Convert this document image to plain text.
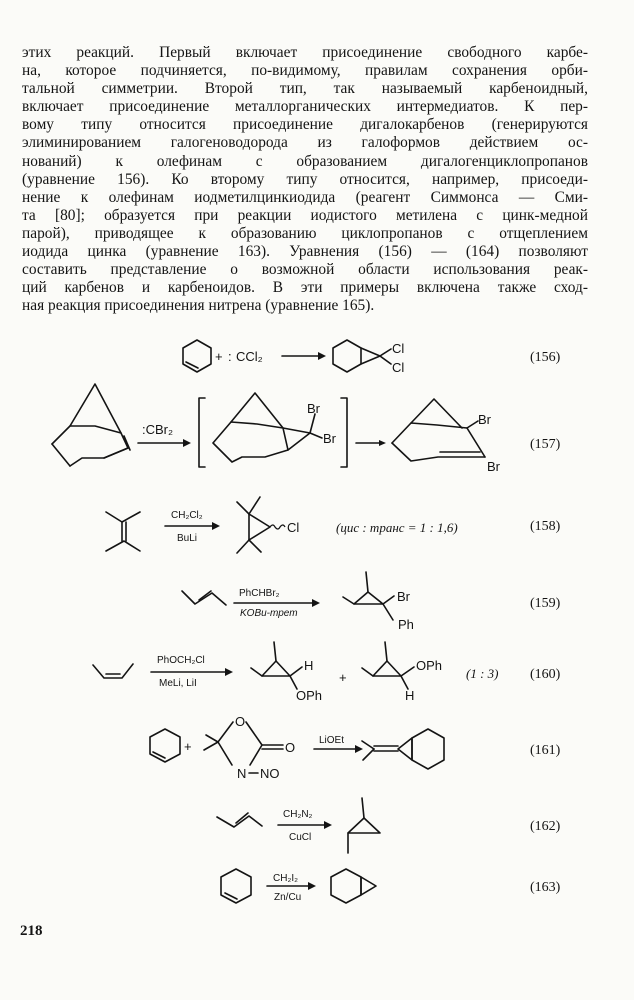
этих реакций. Первый включает присоединение свободного карбе-
на, которое подчиняется, по-видимому, правилам сохранения орби-
тальной симметрии. Второй тип, так называемый карбеноидный,
включает присоединение металлорганических интермедиатов. К пер-
вому типу относится присоединение дигалокарбенов (генерируются
элиминированием галогеноводорода из галоформов действием ос-
нований) к олефинам с образованием дигалогенциклопропанов
(уравнение 156). Ко второму типу относится, например, присоеди-
нение к олефинам иодметилцинкиодида (реагент Симмонса — Сми-
та [80]; образуется при реакции иодистого метилена с цинк-медной
парой), приводящее к образованию циклопропанов с отщеплением
иодида цинка (уравнение 163). Уравнения (156) — (164) позволяют
составить представление о возможной области использования реак-
ций карбенов и карбеноидов. В эти примеры включена также сход-
ная реакция присоединения нитрена (уравнение 165).
+ : CCl₂
Cl
Cl
:CBr₂
Br
Br
Br
Br
CH₂Cl₂
BuLi
Cl	(цис : транс = 1 : 1,6)
PhCHBr₂
KOBu-трет
Br
Ph
PhOCH₂Cl
MeLi, LiI
H
OPh
+
OPh
H
(1 : 3)
+
O
O
N NO
LiOEt
CH₂N₂
CuCl
CH₂I₂
Zn/Cu
(156)
(157)
(158)
(159)
(160)
(161)
(162)
(163)
218
